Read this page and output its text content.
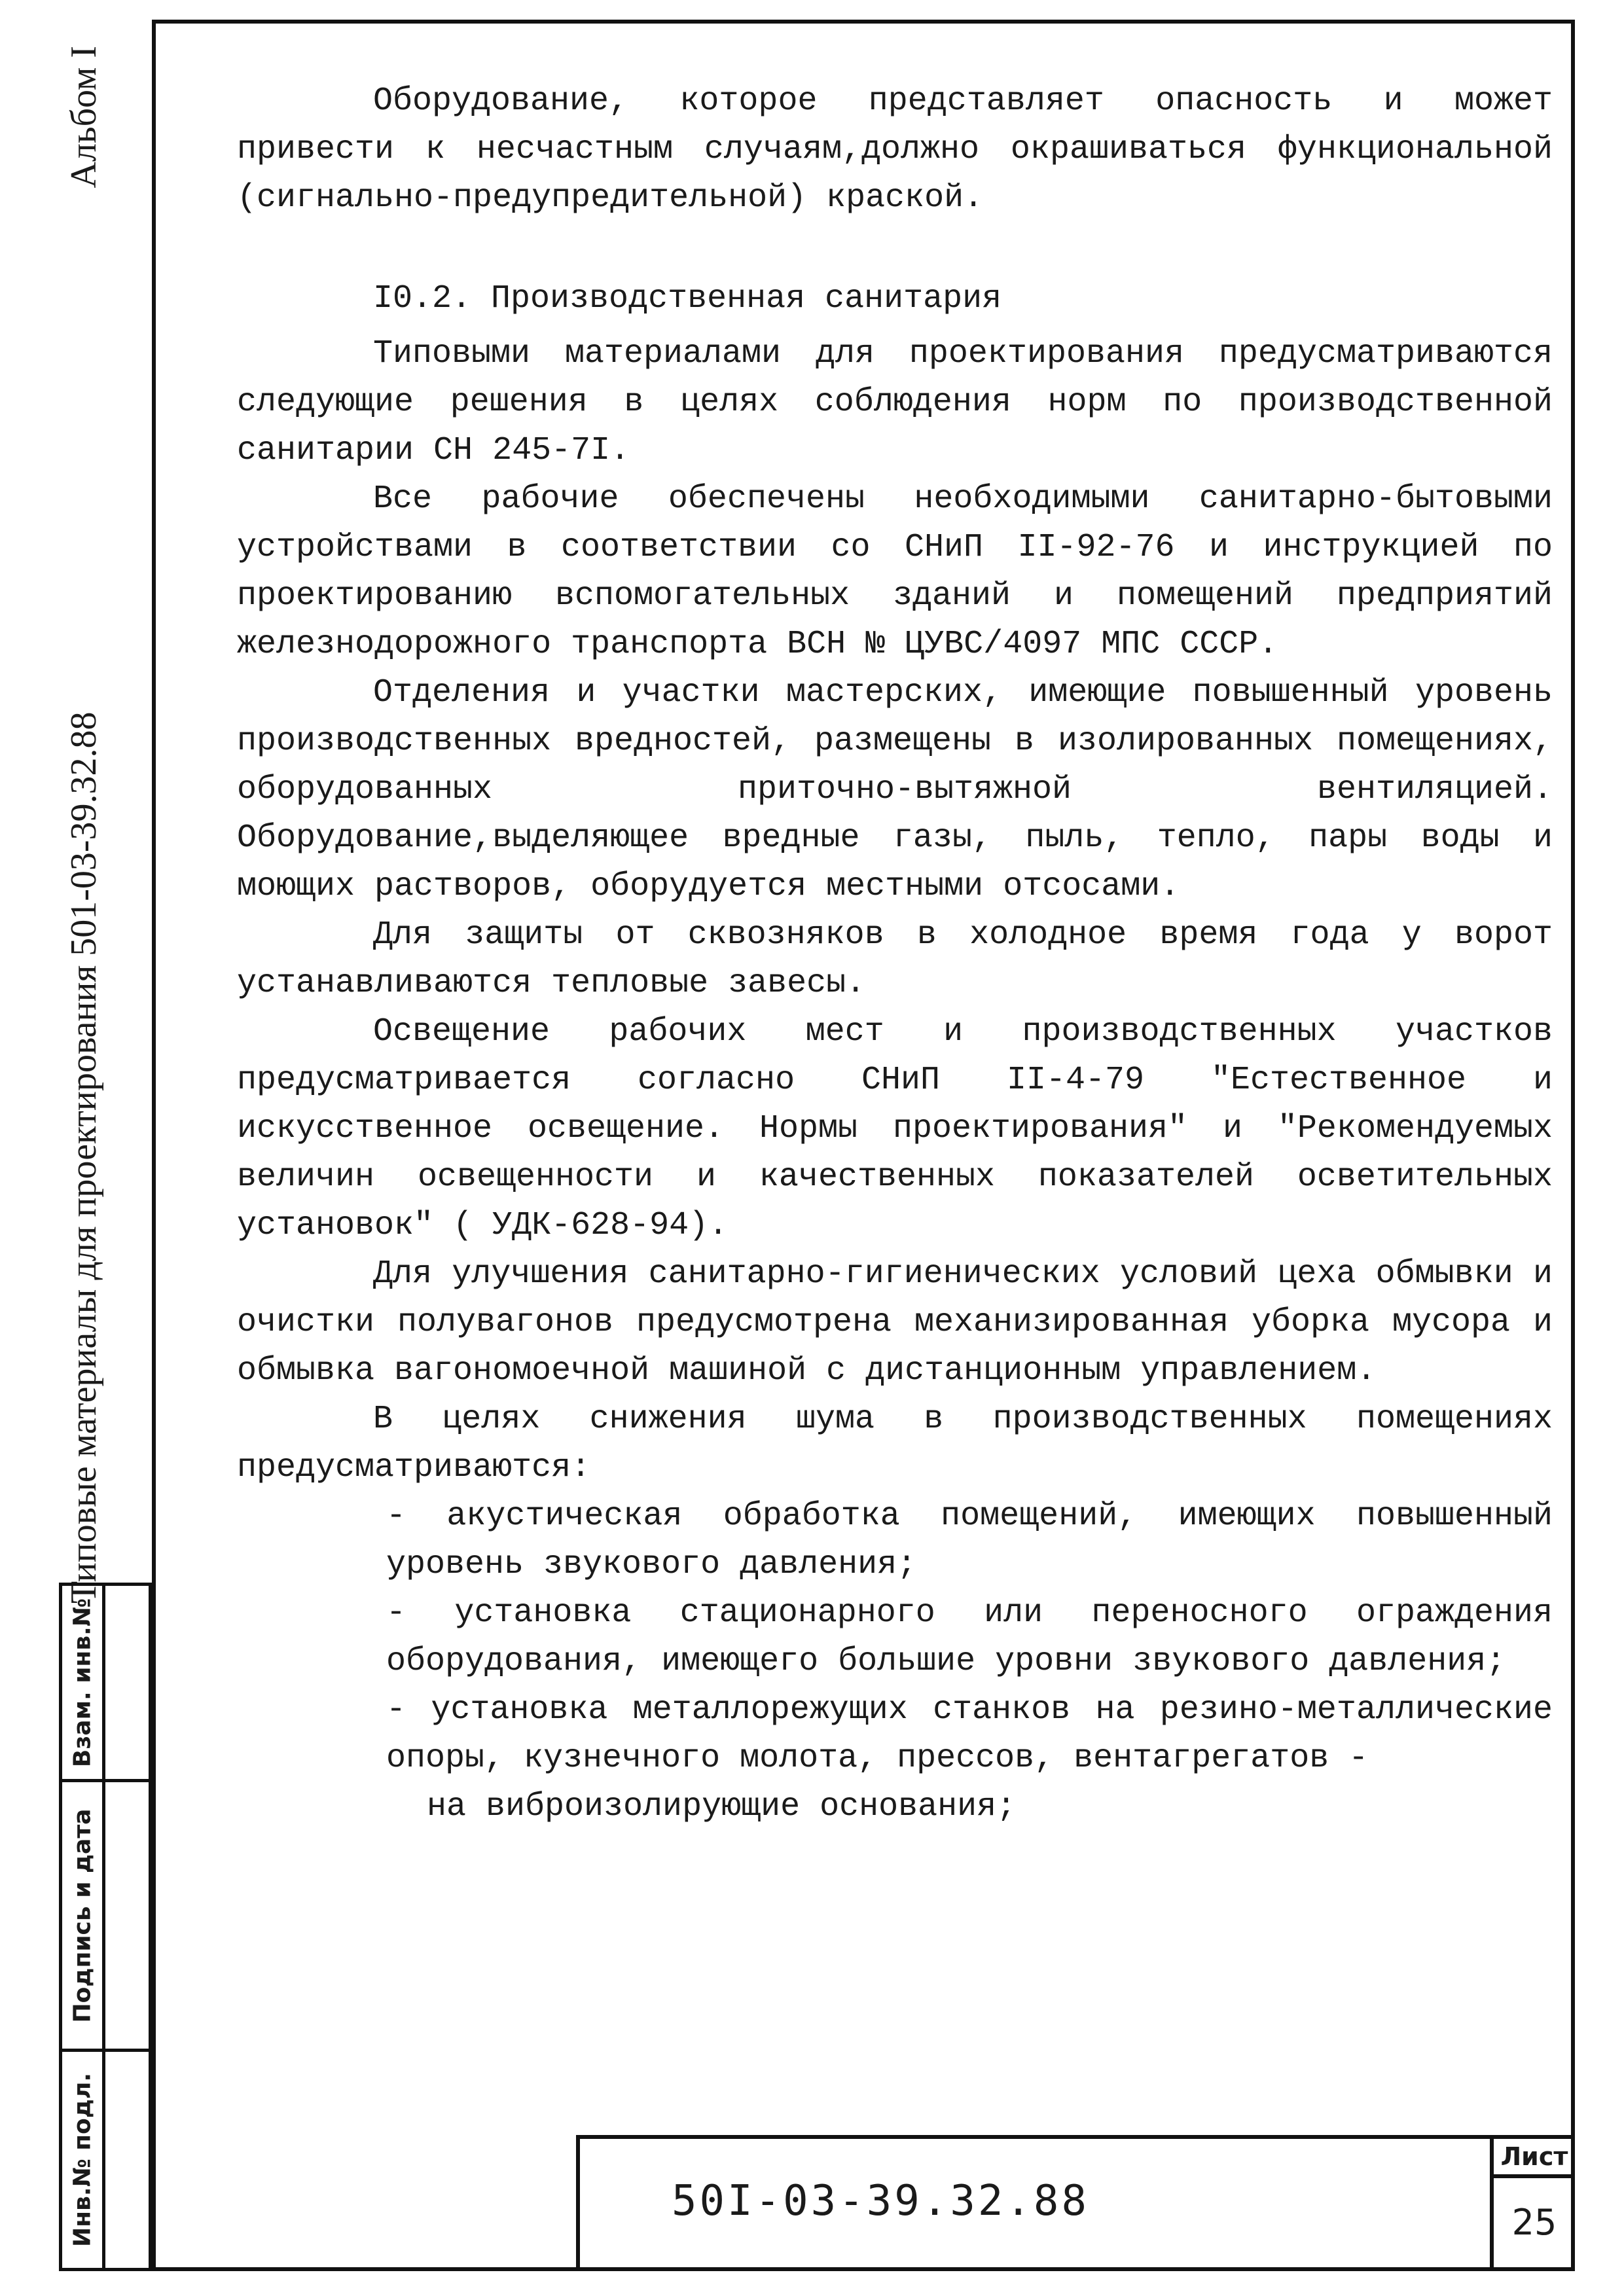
Типовые материалы для проектирования 501-03-39.32.88
Альбом I
Взам. инв.№
Подпись и дата
Инв.№ подл.

Оборудование, которое представляет опасность и может привести к несчастным случаям,должно окрашиваться функциональной (сигнально-предупредительной) краской.

I0.2. Производственная санитария

Типовыми материалами для проектирования предусматриваются следующие решения в целях соблюдения норм по производственной санитарии СН 245-7I.

Все рабочие обеспечены необходимыми санитарно-бытовыми устройствами в соответствии со СНиП II-92-76 и инструкцией по проектированию вспомогательных зданий и помещений предприятий железнодорожного транспорта ВСН № ЦУВС/4097 МПС СССР.

Отделения и участки мастерских, имеющие повышенный уровень производственных вредностей, размещены в изолированных помещениях, оборудованных приточно-вытяжной вентиляцией. Оборудование,выделяющее вредные газы, пыль, тепло, пары воды и моющих растворов, оборудуется местными отсосами.

Для защиты от сквозняков в холодное время года у ворот устанавливаются тепловые завесы.

Освещение рабочих мест и производственных участков предусматривается согласно СНиП II-4-79 "Естественное и искусственное освещение. Нормы проектирования" и "Рекомендуемых величин освещенности и качественных показателей осветительных установок" ( УДК-628-94).

Для улучшения санитарно-гигиенических условий цеха обмывки и очистки полувагонов предусмотрена механизированная уборка мусора и обмывка вагономоечной машиной с дистанционным управлением.

В целях снижения шума в производственных помещениях предусматриваются:

- акустическая обработка помещений, имеющих повышенный уровень звукового давления;

- установка стационарного или переносного ограждения оборудования, имеющего большие уровни звукового давления;

- установка металлорежущих станков на резино-металлические опоры, кузнечного молота, прессов, вентагрегатов -

на виброизолирующие основания;

50I-03-39.32.88
Лист
25
